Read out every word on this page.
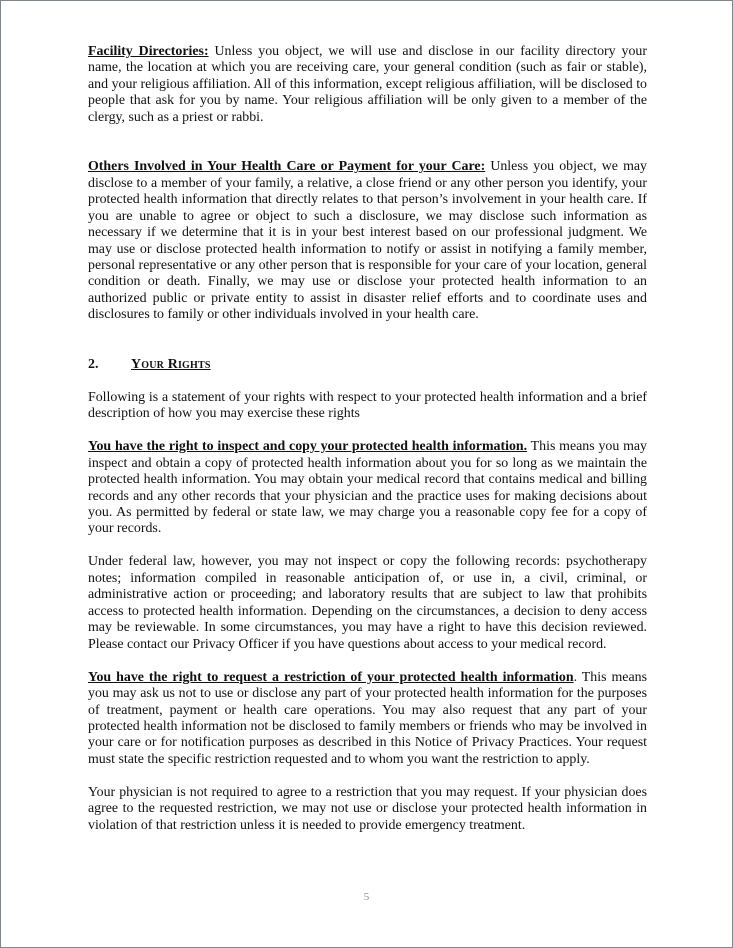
Facility Directories: Unless you object, we will use and disclose in our facility directory your name, the location at which you are receiving care, your general condition (such as fair or stable), and your religious affiliation. All of this information, except religious affiliation, will be disclosed to people that ask for you by name. Your religious affiliation will be only given to a member of the clergy, such as a priest or rabbi.

Others Involved in Your Health Care or Payment for your Care: Unless you object, we may disclose to a member of your family, a relative, a close friend or any other person you identify, your protected health information that directly relates to that person’s involvement in your health care. If you are unable to agree or object to such a disclosure, we may disclose such information as necessary if we determine that it is in your best interest based on our professional judgment. We may use or disclose protected health information to notify or assist in notifying a family member, personal representative or any other person that is responsible for your care of your location, general condition or death. Finally, we may use or disclose your protected health information to an authorized public or private entity to assist in disaster relief efforts and to coordinate uses and disclosures to family or other individuals involved in your health care.

2.	Your Rights

Following is a statement of your rights with respect to your protected health information and a brief description of how you may exercise these rights

You have the right to inspect and copy your protected health information. This means you may inspect and obtain a copy of protected health information about you for so long as we maintain the protected health information. You may obtain your medical record that contains medical and billing records and any other records that your physician and the practice uses for making decisions about you. As permitted by federal or state law, we may charge you a reasonable copy fee for a copy of your records.

Under federal law, however, you may not inspect or copy the following records: psychotherapy notes; information compiled in reasonable anticipation of, or use in, a civil, criminal, or administrative action or proceeding; and laboratory results that are subject to law that prohibits access to protected health information. Depending on the circumstances, a decision to deny access may be reviewable. In some circumstances, you may have a right to have this decision reviewed. Please contact our Privacy Officer if you have questions about access to your medical record.

You have the right to request a restriction of your protected health information. This means you may ask us not to use or disclose any part of your protected health information for the purposes of treatment, payment or health care operations. You may also request that any part of your protected health information not be disclosed to family members or friends who may be involved in your care or for notification purposes as described in this Notice of Privacy Practices. Your request must state the specific restriction requested and to whom you want the restriction to apply.

Your physician is not required to agree to a restriction that you may request. If your physician does agree to the requested restriction, we may not use or disclose your protected health information in violation of that restriction unless it is needed to provide emergency treatment.

5
